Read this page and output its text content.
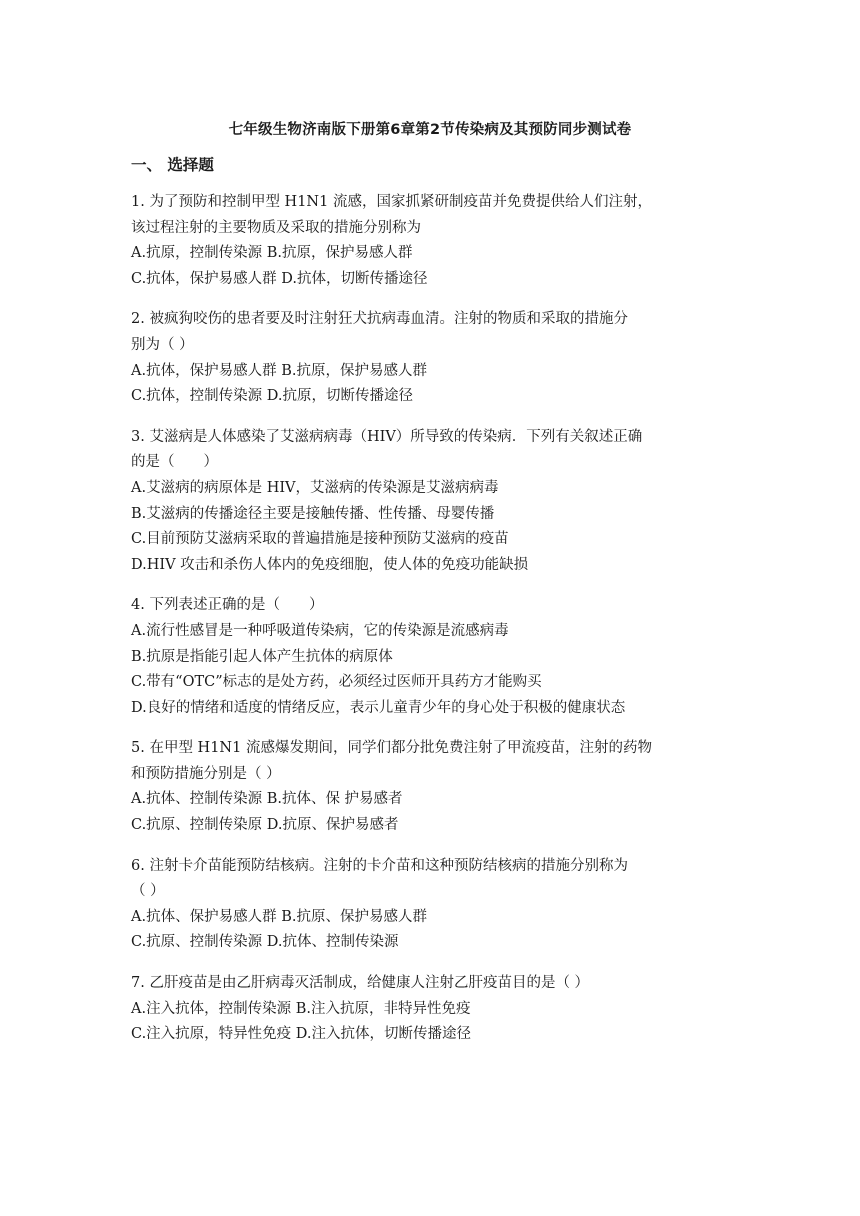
七年级生物济南版下册第6章第2节传染病及其预防同步测试卷
一、 选择题
1. 为了预防和控制甲型 H1N1 流感，国家抓紧研制疫苗并免费提供给人们注射，
该过程注射的主要物质及采取的措施分别称为
A.抗原，控制传染源 B.抗原，保护易感人群
C.抗体，保护易感人群 D.抗体，切断传播途径
2. 被疯狗咬伤的患者要及时注射狂犬抗病毒血清。注射的物质和采取的措施分
别为（ ）
A.抗体，保护易感人群 B.抗原，保护易感人群
C.抗体，控制传染源 D.抗原，切断传播途径
3. 艾滋病是人体感染了艾滋病病毒（HIV）所导致的传染病．下列有关叙述正确
的是（　　）
A.艾滋病的病原体是 HIV，艾滋病的传染源是艾滋病病毒
B.艾滋病的传播途径主要是接触传播、性传播、母婴传播
C.目前预防艾滋病采取的普遍措施是接种预防艾滋病的疫苗
D.HIV 攻击和杀伤人体内的免疫细胞，使人体的免疫功能缺损
4. 下列表述正确的是（　　）
A.流行性感冒是一种呼吸道传染病，它的传染源是流感病毒
B.抗原是指能引起人体产生抗体的病原体
C.带有“OTC”标志的是处方药，必须经过医师开具药方才能购买
D.良好的情绪和适度的情绪反应，表示儿童青少年的身心处于积极的健康状态
5. 在甲型 H1N1 流感爆发期间，同学们都分批免费注射了甲流疫苗，注射的药物
和预防措施分别是（ ）
A.抗体、控制传染源 B.抗体、保 护易感者
C.抗原、控制传染原 D.抗原、保护易感者
6. 注射卡介苗能预防结核病。注射的卡介苗和这种预防结核病的措施分别称为
（ ）
A.抗体、保护易感人群 B.抗原、保护易感人群
C.抗原、控制传染源 D.抗体、控制传染源
7. 乙肝疫苗是由乙肝病毒灭活制成，给健康人注射乙肝疫苗目的是（ ）
A.注入抗体，控制传染源 B.注入抗原，非特异性免疫
C.注入抗原，特异性免疫 D.注入抗体，切断传播途径
